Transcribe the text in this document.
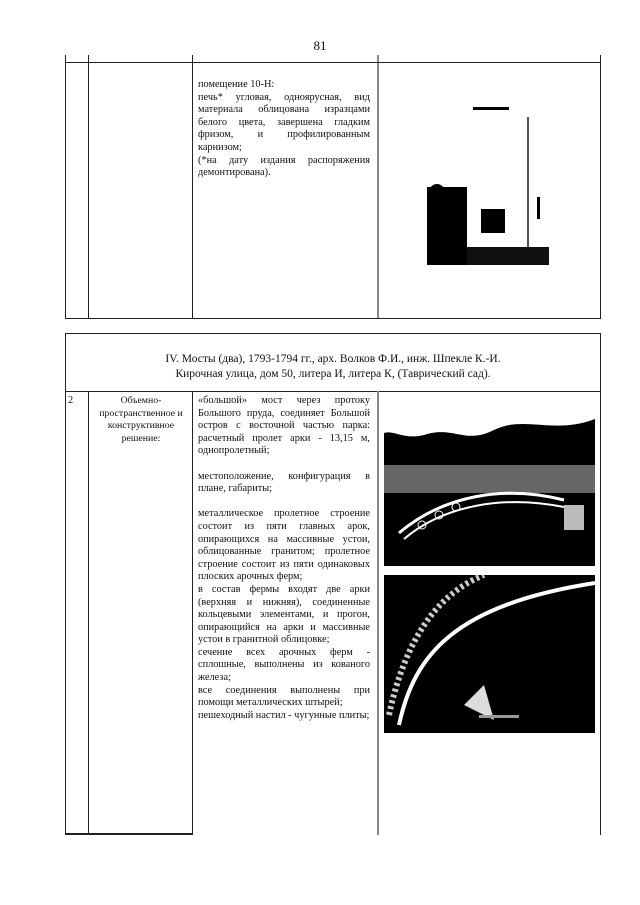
81

помещение 10-Н:

печь* угловая, одноярусная, вид материала облицована изразцами белого цвета, завершена гладким фризом, и профилированным карнизом;

(*на дату издания распоряжения демонтирована).

IV. Мосты (два), 1793-1794 гг., арх. Волков Ф.И., инж. Шпекле К.-И.
Кирочная улица, дом 50, литера И, литера К, (Таврический сад).
2	Объемно-пространственное и конструктивное решение:

«большой» мост через протоку Большого пруда, соединяет Большой остров с восточной частью парка: расчетный пролет арки - 13,15 м, однопролетный;

местоположение, конфигурация в плане, габариты;

металлическое пролетное строение состоит из пяти главных арок, опирающихся на массивные устои, облицованные гранитом; пролетное строение состоит из пяти одинаковых плоских арочных ферм;

в состав фермы входят две арки (верхняя и нижняя), соединенные кольцевыми элементами, и прогон, опирающийся на арки и массивные устои в гранитной облицовке;

сечение всех арочных ферм - сплошные, выполнены из кованого железа;

все соединения выполнены при помощи металлических штырей;

пешеходный настил - чугунные плиты;
